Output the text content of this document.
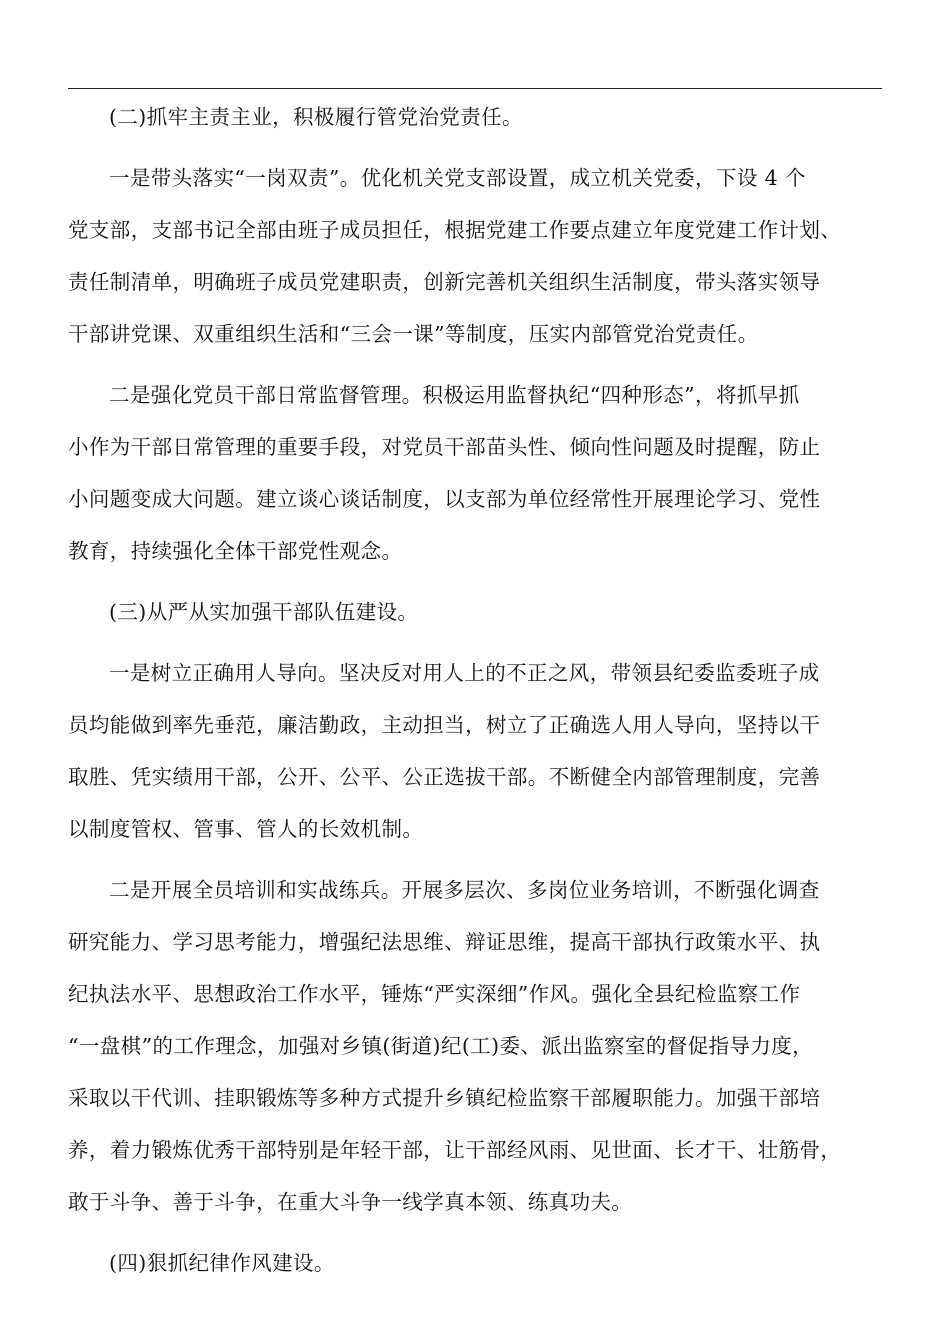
(二)抓牢主责主业，积极履行管党治党责任。

一是带头落实“一岗双责”。优化机关党支部设置，成立机关党委，下设 4 个
党支部，支部书记全部由班子成员担任，根据党建工作要点建立年度党建工作计划、
责任制清单，明确班子成员党建职责，创新完善机关组织生活制度，带头落实领导
干部讲党课、双重组织生活和“三会一课”等制度，压实内部管党治党责任。
二是强化党员干部日常监督管理。积极运用监督执纪“四种形态”，将抓早抓
小作为干部日常管理的重要手段，对党员干部苗头性、倾向性问题及时提醒，防止
小问题变成大问题。建立谈心谈话制度，以支部为单位经常性开展理论学习、党性
教育，持续强化全体干部党性观念。

(三)从严从实加强干部队伍建设。

一是树立正确用人导向。坚决反对用人上的不正之风，带领县纪委监委班子成
员均能做到率先垂范，廉洁勤政，主动担当，树立了正确选人用人导向，坚持以干
取胜、凭实绩用干部，公开、公平、公正选拔干部。不断健全内部管理制度，完善
以制度管权、管事、管人的长效机制。
二是开展全员培训和实战练兵。开展多层次、多岗位业务培训，不断强化调查
研究能力、学习思考能力，增强纪法思维、辩证思维，提高干部执行政策水平、执
纪执法水平、思想政治工作水平，锤炼“严实深细”作风。强化全县纪检监察工作
“一盘棋”的工作理念，加强对乡镇(街道)纪(工)委、派出监察室的督促指导力度，
采取以干代训、挂职锻炼等多种方式提升乡镇纪检监察干部履职能力。加强干部培
养，着力锻炼优秀干部特别是年轻干部，让干部经风雨、见世面、长才干、壮筋骨，
敢于斗争、善于斗争，在重大斗争一线学真本领、练真功夫。

(四)狠抓纪律作风建设。
